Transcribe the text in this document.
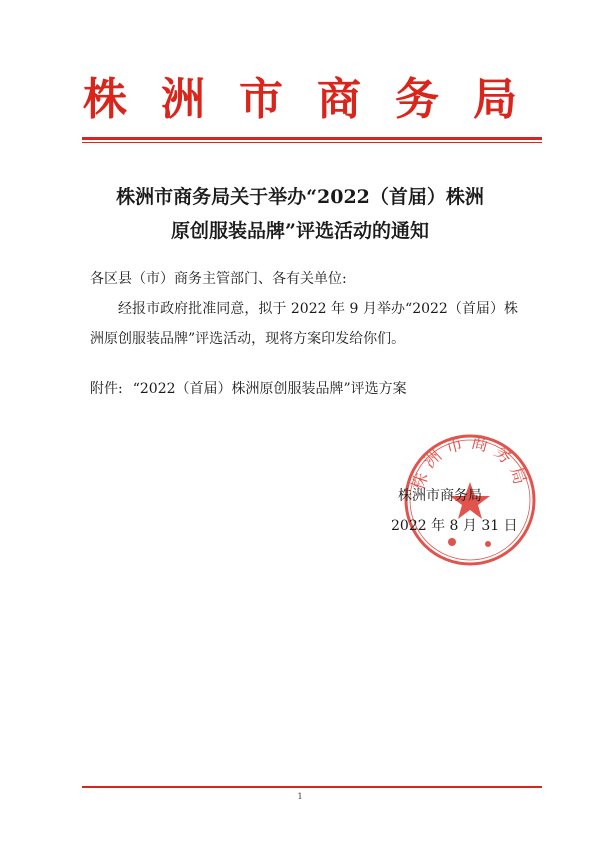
株洲市商务局
株洲市商务局关于举办“2022（首届）株洲
原创服装品牌”评选活动的通知
各区县（市）商务主管部门、各有关单位:
经报市政府批准同意，拟于 2022 年 9 月举办“2022（首届）株洲原创服装品牌”评选活动，现将方案印发给你们。
附件: “2022（首届）株洲原创服装品牌”评选方案
株洲市商务局
株洲市商务局
2022 年 8 月 31 日
1
